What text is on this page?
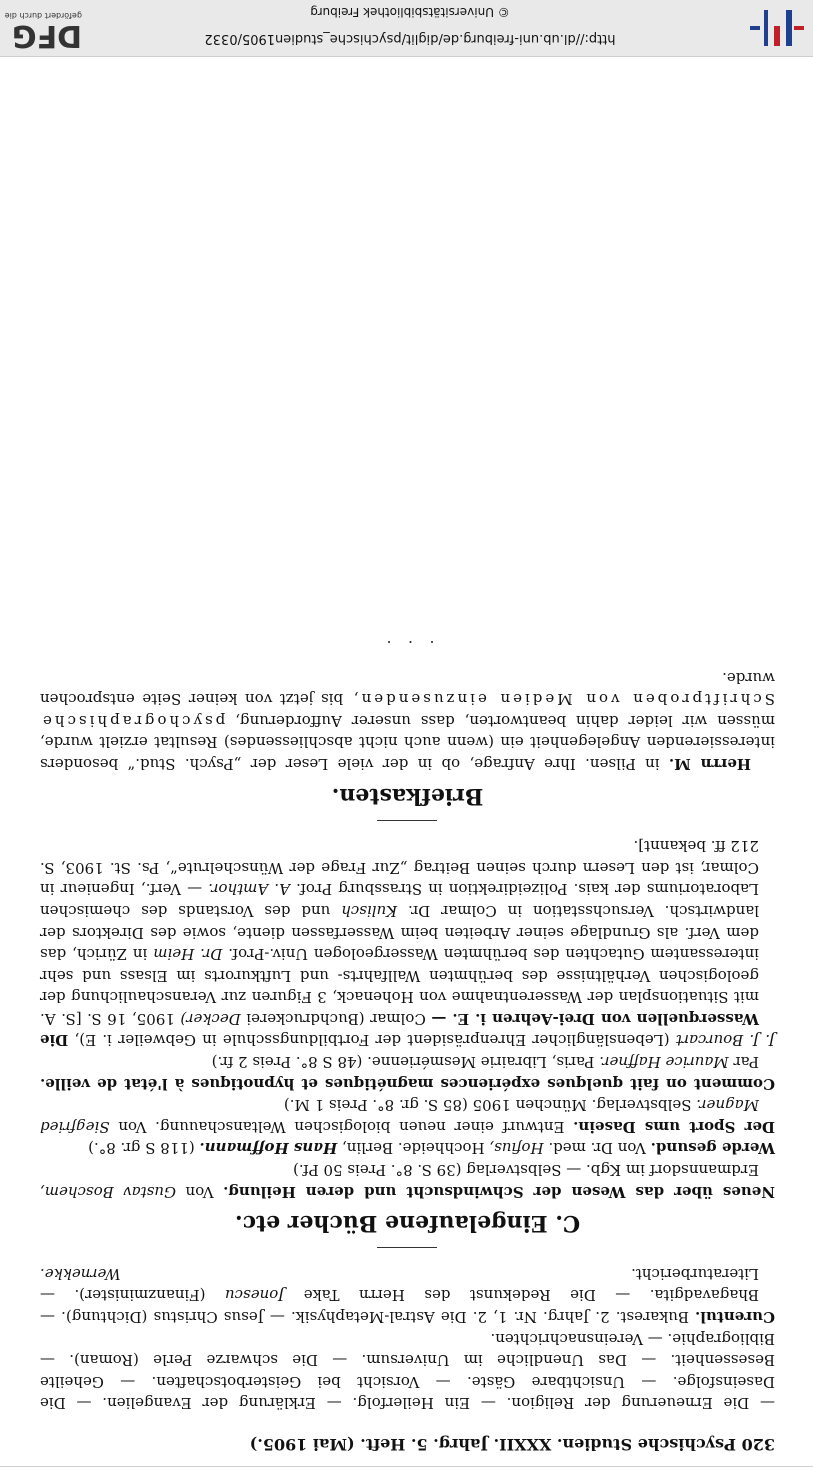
http://dl.ub.uni-freiburg.de/diglit/psychische_studien1905/0332
© Universitätsbibliothek Freiburg
DFG
gefördert durch die
320 Psychische Studien. XXXII. Jahrg. 5. Heft. (Mai 1905.)

— Die Erneuerung der Religion. — Ein Heilerfolg. — Erklärung der Evangelien. — Die Daseinsfolge. — Unsichtbare Gäste. — Vorsicht bei Geisterbotschaften. — Geheilte Besessenheit. — Das Unendliche im Universum. — Die schwarze Perle (Roman). — Bibliographie. — Vereinsnachrichten.

Curentul. Bukarest. 2. Jahrg. Nr. 1, 2. Die Astral-Metaphysik. — Jesus Christus (Dichtung). — Bhagavadgita. — Die Redekunst des Herrn Take Jonescu (Finanzminister). — Literaturbericht.
Wernekke.

C. Eingelaufene Bücher etc.

Neues über das Wesen der Schwindsucht und deren Heilung. Von Gustav Boschem, Erdmannsdorf im Kgb. — Selbstverlag (39 S. 8°. Preis 50 Pf.)

Werde gesund. Von Dr. med. Hofius, Hochheide. Berlin, Hans Hoffmann. (118 S gr. 8°.)

Der Sport ums Dasein. Entwurf einer neuen biologischen Weltanschauung. Von Siegfried Magner. Selbstverlag. München 1905 (85 S. gr. 8°. Preis 1 M.)

Comment on fait quelques expériences magnétiques et hypnotiques à l'état de veille. Par Maurice Haffner. Paris, Librairie Mesmérienne. (48 S 8°. Preis 2 fr.)

J. J. Bourcart (Lebenslänglicher Ehrenpräsident der Fortbildungsschule in Gebweiler i. E), Die Wasserquellen von Drei-Aehren i. E. — Colmar (Buchdruckerei Decker) 1905, 16 S. [S. A. mit Situationsplan der Wasserentnahme von Hohenack, 3 Figuren zur Veranschaulichung der geologischen Verhältnisse des berühmten Wallfahrts- und Luftkurorts im Elsass und sehr interessantem Gutachten des berühmten Wassergeologen Univ.-Prof. Dr. Heim in Zürich, das dem Verf. als Grundlage seiner Arbeiten beim Wasserfassen diente, sowie des Direktors der landwirtsch. Versuchsstation in Colmar Dr. Kulisch und des Vorstands des chemischen Laboratoriums der kais. Polizeidirektion in Strassburg Prof. A. Amthor. — Verf., Ingenieur in Colmar, ist den Lesern durch seinen Beitrag „Zur Frage der Wünschelrute“, Ps. St. 1903, S. 212 ff. bekannt].

Briefkasten.

Herrn M. in Pilsen. Ihre Anfrage, ob in der viele Leser der „Psych. Stud.“ besonders interessierenden Angelegenheit ein (wenn auch nicht abschliessendes) Resultat erzielt wurde, müssen wir leider dahin beantworten, dass unserer Aufforderung, psychographische Schriftproben von Medien einzusenden, bis jetzt von keiner Seite entsprochen wurde.

· · ·
